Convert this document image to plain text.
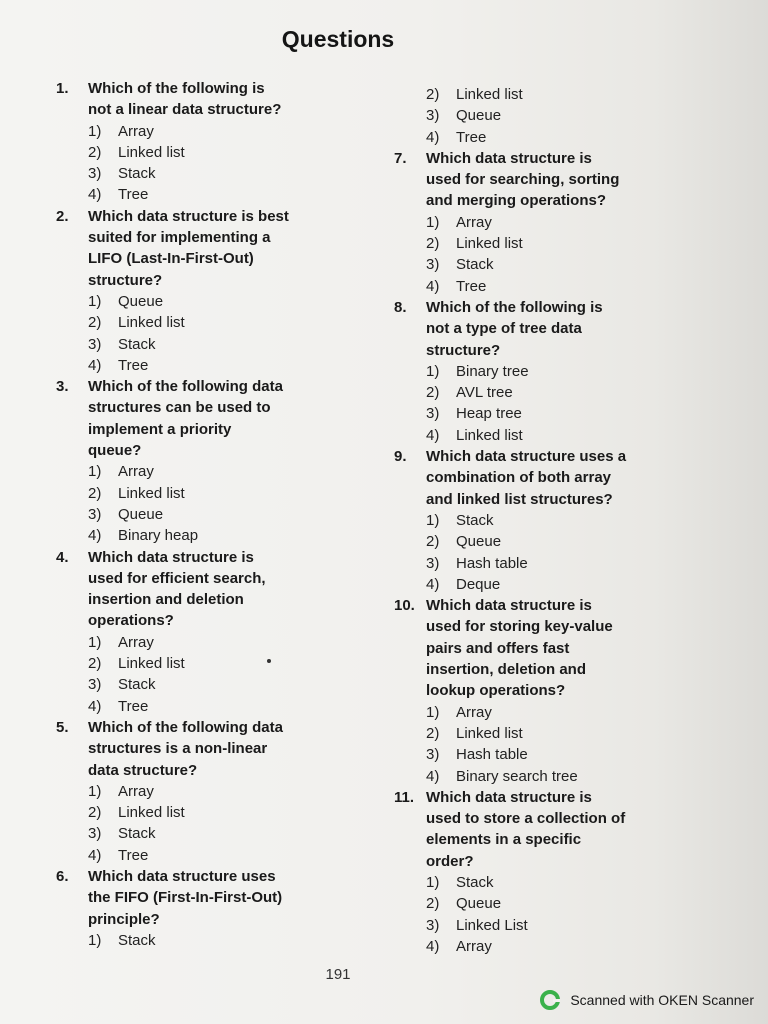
Questions
1.	Which of the following is
not a linear data structure?
1)	Array
2)	Linked list
3)	Stack
4)	Tree
2.	Which data structure is best
suited for implementing a
LIFO (Last-In-First-Out)
structure?
1)	Queue
2)	Linked list
3)	Stack
4)	Tree
3.	Which of the following data
structures can be used to
implement a priority
queue?
1)	Array
2)	Linked list
3)	Queue
4)	Binary heap
4.	Which data structure is
used for efficient search,
insertion and deletion
operations?
1)	Array
2)	Linked list
3)	Stack
4)	Tree
5.	Which of the following data
structures is a non-linear
data structure?
1)	Array
2)	Linked list
3)	Stack
4)	Tree
6.	Which data structure uses
the FIFO (First-In-First-Out)
principle?
1)	Stack
2)	Linked list
3)	Queue
4)	Tree
7.	Which data structure is
used for searching, sorting
and merging operations?
1)	Array
2)	Linked list
3)	Stack
4)	Tree
8.	Which of the following is
not a type of tree data
structure?
1)	Binary tree
2)	AVL tree
3)	Heap tree
4)	Linked list
9.	Which data structure uses a
combination of both array
and linked list structures?
1)	Stack
2)	Queue
3)	Hash table
4)	Deque
10. Which data structure is
used for storing key-value
pairs and offers fast
insertion, deletion and
lookup operations?
1)	Array
2)	Linked list
3)	Hash table
4)	Binary search tree
11. Which data structure is
used to store a collection of
elements in a specific
order?
1)	Stack
2)	Queue
3)	Linked List
4)	Array
191
Scanned with OKEN Scanner
